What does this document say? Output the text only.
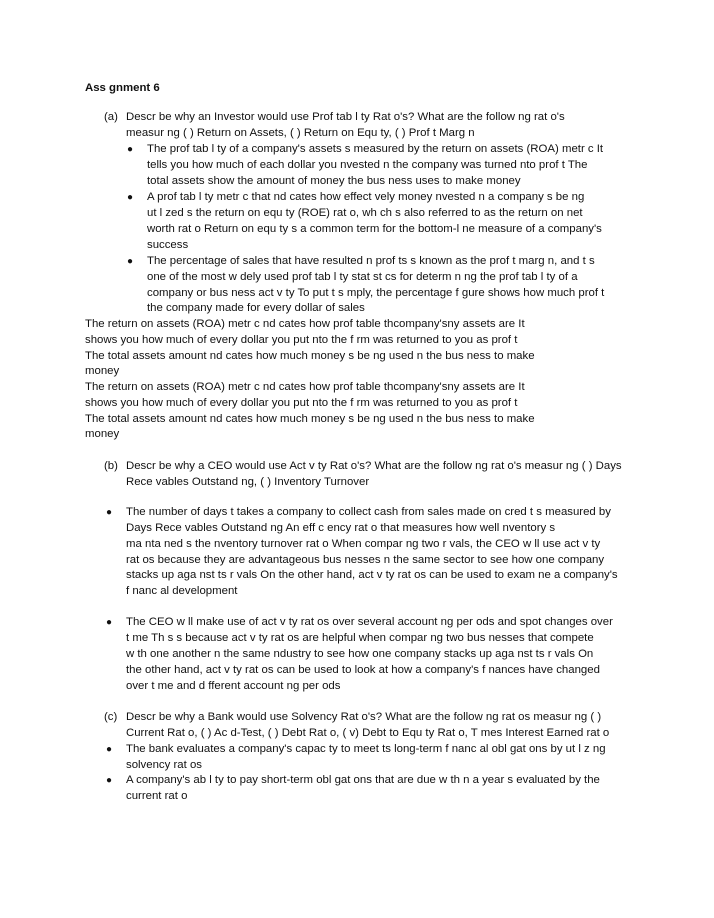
Ass gnment 6
(a) Descr be why an Investor would use Prof tab l ty Rat o's? What are the follow ng rat o's
measur ng ( ) Return on Assets, ( ) Return on Equ ty, ( ) Prof t Marg n
● The prof tab l ty of a company's assets s measured by the return on assets (ROA) metr c It
tells you how much of each dollar you nvested n the company was turned nto prof t The
total assets show the amount of money the bus ness uses to make money
● A prof tab l ty metr c that nd cates how effect vely money nvested n a company s be ng
ut l zed s the return on equ ty (ROE) rat o, wh ch s also referred to as the return on net
worth rat o Return on equ ty s a common term for the bottom-l ne measure of a company's
success
● The percentage of sales that have resulted n prof ts s known as the prof t marg n, and t s
one of the most w dely used prof tab l ty stat st cs for determ n ng the prof tab l ty of a
company or bus ness act v ty To put t s mply, the percentage f gure shows how much prof t
the company made for every dollar of sales
The return on assets (ROA) metr c nd cates how prof table thcompany'sny assets are It
shows you how much of every dollar you put nto the f rm was returned to you as prof t
The total assets amount nd cates how much money s be ng used n the bus ness to make
money
The return on assets (ROA) metr c nd cates how prof table thcompany'sny assets are It
shows you how much of every dollar you put nto the f rm was returned to you as prof t
The total assets amount nd cates how much money s be ng used n the bus ness to make
money
(b) Descr be why a CEO would use Act v ty Rat o's? What are the follow ng rat o's measur ng ( ) Days
Rece vables Outstand ng, ( ) Inventory Turnover
● The number of days t takes a company to collect cash from sales made on cred t s measured by
Days Rece vables Outstand ng An eff c ency rat o that measures how well nventory s
ma nta ned s the nventory turnover rat o When compar ng two r vals, the CEO w ll use act v ty
rat os because they are advantageous bus nesses n the same sector to see how one company
stacks up aga nst ts r vals On the other hand, act v ty rat os can be used to exam ne a company's
f nanc al development
● The CEO w ll make use of act v ty rat os over several account ng per ods and spot changes over
t me Th s s because act v ty rat os are helpful when compar ng two bus nesses that compete
w th one another n the same ndustry to see how one company stacks up aga nst ts r vals On
the other hand, act v ty rat os can be used to look at how a company's f nances have changed
over t me and d fferent account ng per ods
(c) Descr be why a Bank would use Solvency Rat o's? What are the follow ng rat os measur ng ( )
Current Rat o, ( ) Ac d-Test, ( ) Debt Rat o, ( v) Debt to Equ ty Rat o, T mes Interest Earned rat o
● The bank evaluates a company's capac ty to meet ts long-term f nanc al obl gat ons by ut l z ng
solvency rat os
● A company's ab l ty to pay short-term obl gat ons that are due w th n a year s evaluated by the
current rat o
